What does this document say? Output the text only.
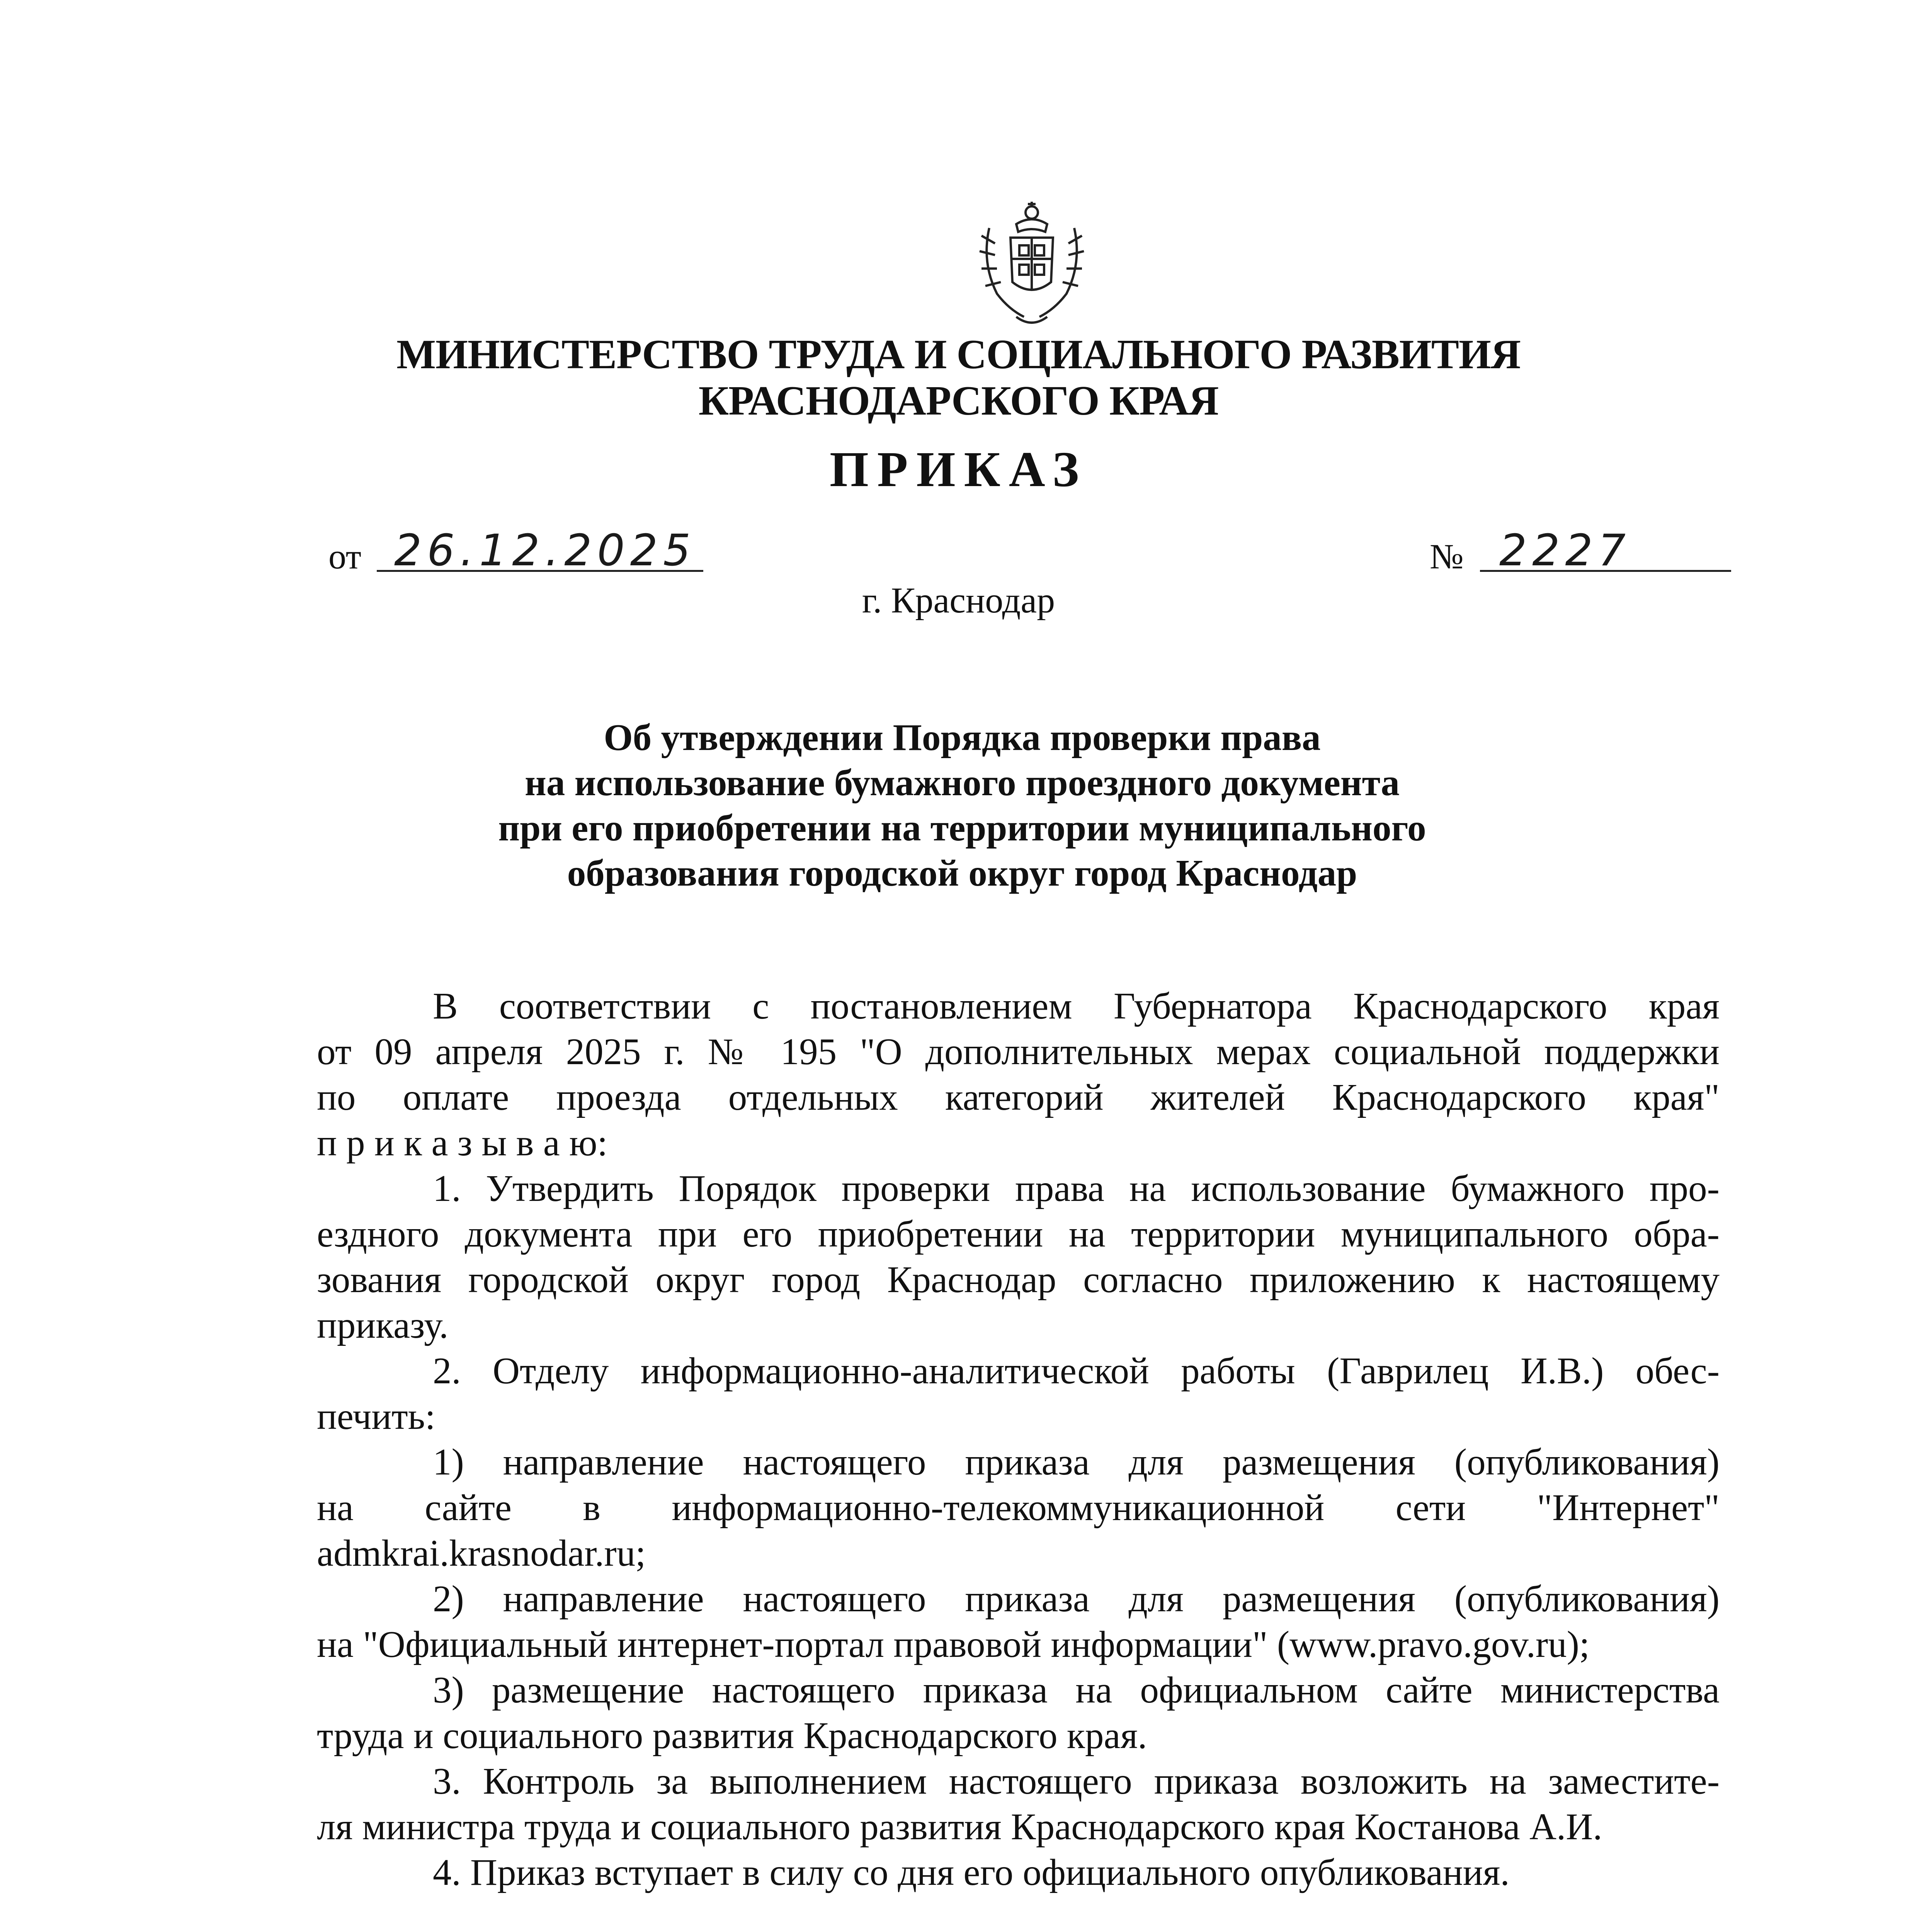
МИНИСТЕРСТВО ТРУДА И СОЦИАЛЬНОГО РАЗВИТИЯ
КРАСНОДАРСКОГО КРАЯ
ПРИКАЗ
от 26.12.2025	№ 2227
г. Краснодар
Об утверждении Порядка проверки права
на использование бумажного проездного документа
при его приобретении на территории муниципального
образования городской округ город Краснодар
В соответствии с постановлением Губернатора Краснодарского края
от 09 апреля 2025 г. № 195 "О дополнительных мерах социальной поддержки
по оплате проезда отдельных категорий жителей Краснодарского края"
п р и к а з ы в а ю:
1. Утвердить Порядок проверки права на использование бумажного про-
ездного документа при его приобретении на территории муниципального обра-
зования городской округ город Краснодар согласно приложению к настоящему
приказу.
2. Отделу информационно-аналитической работы (Гаврилец И.В.) обес-
печить:
1) направление настоящего приказа для размещения (опубликования)
на сайте в информационно-телекоммуникационной сети "Интернет"
admkrai.krasnodar.ru;
2) направление настоящего приказа для размещения (опубликования)
на "Официальный интернет-портал правовой информации" (www.pravo.gov.ru);
3) размещение настоящего приказа на официальном сайте министерства
труда и социального развития Краснодарского края.
3. Контроль за выполнением настоящего приказа возложить на заместите-
ля министра труда и социального развития Краснодарского края Костанова А.И.
4. Приказ вступает в силу со дня его официального опубликования.
